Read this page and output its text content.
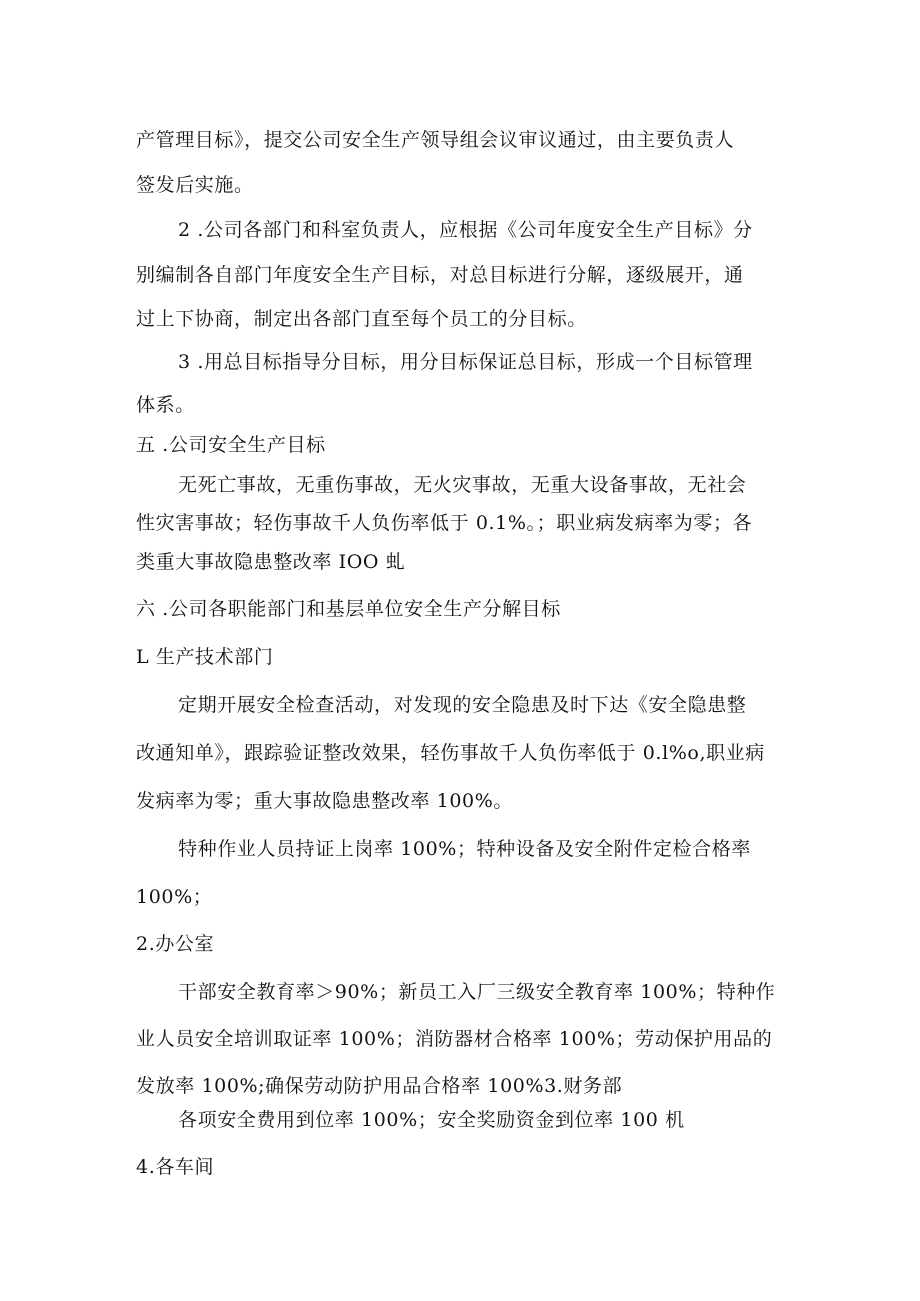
产管理目标》，提交公司安全生产领导组会议审议通过，由主要负责人
签发后实施。
2 .公司各部门和科室负责人，应根据《公司年度安全生产目标》分
别编制各自部门年度安全生产目标，对总目标进行分解，逐级展开，通
过上下协商，制定出各部门直至每个员工的分目标。
3 .用总目标指导分目标，用分目标保证总目标，形成一个目标管理
体系。
五 .公司安全生产目标
无死亡事故，无重伤事故，无火灾事故，无重大设备事故，无社会
性灾害事故；轻伤事故千人负伤率低于 0.1%。；职业病发病率为零；各
类重大事故隐患整改率 IOO 虬
六 .公司各职能部门和基层单位安全生产分解目标
L 生产技术部门
定期开展安全检查活动，对发现的安全隐患及时下达《安全隐患整
改通知单》，跟踪验证整改效果，轻伤事故千人负伤率低于 0.l%o,职业病
发病率为零；重大事故隐患整改率 100%。
特种作业人员持证上岗率 100%；特种设备及安全附件定检合格率
100%；
2.办公室
干部安全教育率＞90%；新员工入厂三级安全教育率 100%；特种作
业人员安全培训取证率 100%；消防器材合格率 100%；劳动保护用品的
发放率 100%;确保劳动防护用品合格率 100%3.财务部
各项安全费用到位率 100%；安全奖励资金到位率 100 机
4.各车间
